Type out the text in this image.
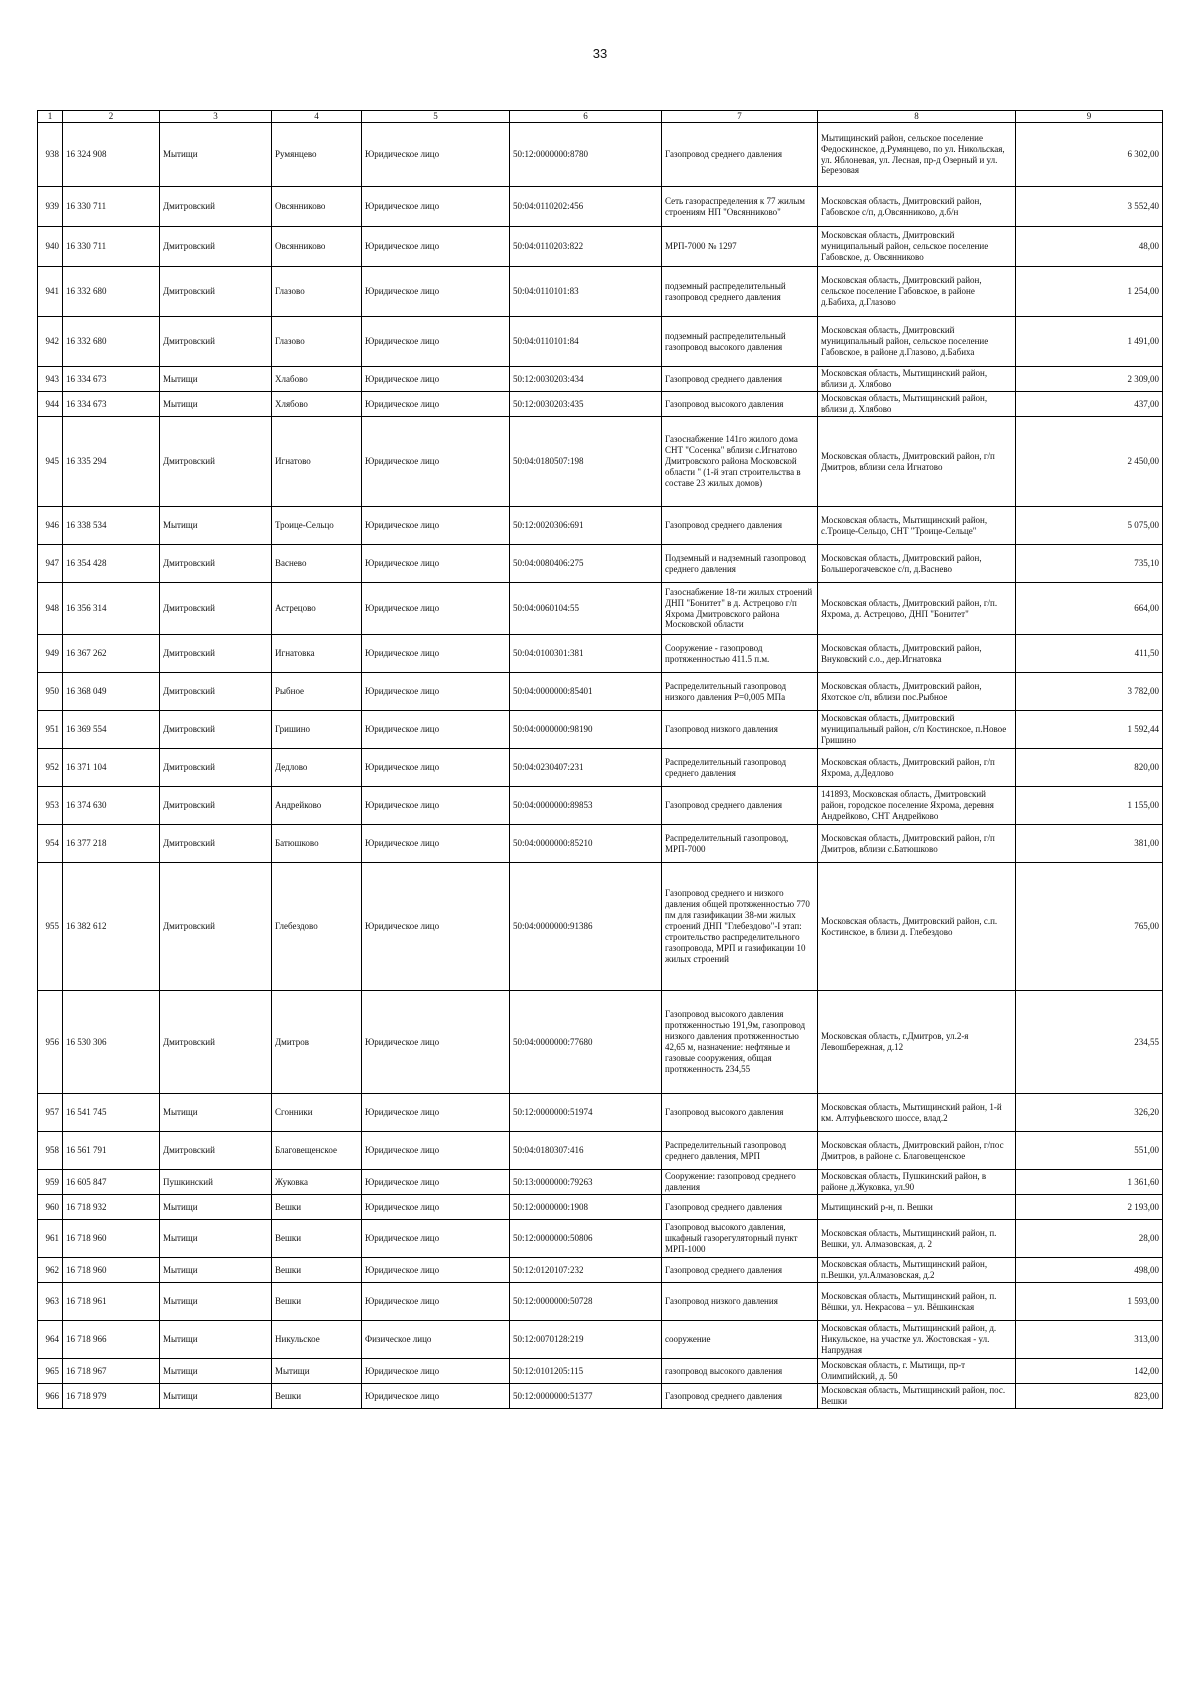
33
1	2	3	4	5	6	7	8	9
938	16 324 908	Мытищи	Румянцево	Юридическое лицо	50:12:0000000:8780	Газопровод среднего давления	Мытищинский район, сельское поселение Федоскинское, д.Румянцево, по ул. Никольская, ул. Яблоневая, ул. Лесная, пр-д Озерный и ул. Березовая	6 302,00
939	16 330 711	Дмитровский	Овсянниково	Юридическое лицо	50:04:0110202:456	Сеть газораспределения к 77 жилым строениям НП "Овсянниково"	Московская область, Дмитровский район, Габовское с/п, д.Овсянниково, д.б/н	3 552,40
940	16 330 711	Дмитровский	Овсянниково	Юридическое лицо	50:04:0110203:822	МРП-7000 № 1297	Московская область, Дмитровский муниципальный район, сельское поселение Габовское, д. Овсянниково	48,00
941	16 332 680	Дмитровский	Глазово	Юридическое лицо	50:04:0110101:83	подземный распределительный газопровод среднего давления	Московская область, Дмитровский район, сельское поселение Габовское, в районе д.Бабиха, д.Глазово	1 254,00
942	16 332 680	Дмитровский	Глазово	Юридическое лицо	50:04:0110101:84	подземный распределительный газопровод высокого давления	Московская область, Дмитровский муниципальный район, сельское поселение Габовское, в районе д.Глазово, д.Бабиха	1 491,00
943	16 334 673	Мытищи	Хлабово	Юридическое лицо	50:12:0030203:434	Газопровод среднего давления	Московская область, Мытищинский район, вблизи д. Хлябово	2 309,00
944	16 334 673	Мытищи	Хлябово	Юридическое лицо	50:12:0030203:435	Газопровод высокого давления	Московская область, Мытищинский район, вблизи д. Хлябово	437,00
945	16 335 294	Дмитровский	Игнатово	Юридическое лицо	50:04:0180507:198	Газоснабжение 141го жилого дома СНТ "Сосенка" вблизи с.Игнатово Дмитровского района Московской области " (1-й этап строительства в составе 23 жилых домов)	Московская область, Дмитровский район, г/п Дмитров, вблизи села Игнатово	2 450,00
946	16 338 534	Мытищи	Троице-Сельцо	Юридическое лицо	50:12:0020306:691	Газопровод среднего давления	Московская область, Мытищинский район, с.Троице-Сельцо, СНТ "Троице-Сельце"	5 075,00
947	16 354 428	Дмитровский	Васнево	Юридическое лицо	50:04:0080406:275	Подземный и надземный газопровод среднего давления	Московская область, Дмитровский район, Большерогачевское с/п, д.Васнево	735,10
948	16 356 314	Дмитровский	Астрецово	Юридическое лицо	50:04:0060104:55	Газоснабжение 18-ти жилых строений ДНП "Бонитет" в д. Астрецово г/п Яхрома Дмитровского района Московской области	Московская область, Дмитровский район, г/п. Яхрома, д. Астрецово, ДНП "Бонитет"	664,00
949	16 367 262	Дмитровский	Игнатовка	Юридическое лицо	50:04:0100301:381	Сооружение - газопровод протяженностью 411.5 п.м.	Московская область, Дмитровский район, Внуковский с.о., дер.Игнатовка	411,50
950	16 368 049	Дмитровский	Рыбное	Юридическое лицо	50:04:0000000:85401	Распределительный газопровод низкого давления Р=0,005 МПа	Московская область, Дмитровский район, Яхотское с/п, вблизи пос.Рыбное	3 782,00
951	16 369 554	Дмитровский	Гришино	Юридическое лицо	50:04:0000000:98190	Газопровод низкого давления	Московская область, Дмитровский муниципальный район, с/п Костинское, п.Новое Гришино	1 592,44
952	16 371 104	Дмитровский	Дедлово	Юридическое лицо	50:04:0230407:231	Распределительный газопровод среднего давления	Московская область, Дмитровский район, г/п Яхрома, д.Дедлово	820,00
953	16 374 630	Дмитровский	Андрейково	Юридическое лицо	50:04:0000000:89853	Газопровод среднего давления	141893, Московская область, Дмитровский район, городское поселение Яхрома, деревня Андрейково, СНТ Андрейково	1 155,00
954	16 377 218	Дмитровский	Батюшково	Юридическое лицо	50:04:0000000:85210	Распределительный газопровод, МРП-7000	Московская область, Дмитровский район, г/п Дмитров, вблизи с.Батюшково	381,00
955	16 382 612	Дмитровский	Глебездово	Юридическое лицо	50:04:0000000:91386	Газопровод среднего и низкого давления общей протяженностью 770 пм для газификации 38-ми жилых строений ДНП "Глебездово"-I этап: строительство распределительного газопровода, МРП и газификации 10 жилых строений	Московская область, Дмитровский район, с.п. Костинское, в близи д. Глебездово	765,00
956	16 530 306	Дмитровский	Дмитров	Юридическое лицо	50:04:0000000:77680	Газопровод высокого давления протяженностью 191,9м, газопровод низкого давления протяженностью 42,65 м, назначение: нефтяные и газовые сооружения, общая протяженность 234,55	Московская область, г.Дмитров, ул.2-я Левошбережная, д.12	234,55
957	16 541 745	Мытищи	Сгонники	Юридическое лицо	50:12:0000000:51974	Газопровод высокого давления	Московская область, Мытищинский район, 1-й км. Алтуфьевского шоссе, влад.2	326,20
958	16 561 791	Дмитровский	Благовещенское	Юридическое лицо	50:04:0180307:416	Распределительный газопровод среднего давления, МРП	Московская область, Дмитровский район, г/пос Дмитров, в районе с. Благовещенское	551,00
959	16 605 847	Пушкинский	Жуковка	Юридическое лицо	50:13:0000000:79263	Сооружение: газопровод среднего давления	Московская область, Пушкинский район, в районе д.Жуковка, ул.90	1 361,60
960	16 718 932	Мытищи	Вешки	Юридическое лицо	50:12:0000000:1908	Газопровод среднего давления	Мытищинский р-н, п. Вешки	2 193,00
961	16 718 960	Мытищи	Вешки	Юридическое лицо	50:12:0000000:50806	Газопровод высокого давления, шкафный газорегуляторный пункт МРП-1000	Московская область, Мытищинский район, п. Вешки, ул. Алмазовская, д. 2	28,00
962	16 718 960	Мытищи	Вешки	Юридическое лицо	50:12:0120107:232	Газопровод среднего давления	Московская область, Мытищинский район, п.Вешки, ул.Алмазовская, д.2	498,00
963	16 718 961	Мытищи	Вешки	Юридическое лицо	50:12:0000000:50728	Газопровод низкого давления	Московская область, Мытищинский район, п. Вёшки, ул. Некрасова – ул. Вёшкинская	1 593,00
964	16 718 966	Мытищи	Никульское	Физическое лицо	50:12:0070128:219	сооружение	Московская область, Мытищинский район, д. Никульское, на участке ул. Жостовская - ул. Напрудная	313,00
965	16 718 967	Мытищи	Мытищи	Юридическое лицо	50:12:0101205:115	газопровод высокого давления	Московская область, г. Мытищи, пр-т Олимпийский, д. 50	142,00
966	16 718 979	Мытищи	Вешки	Юридическое лицо	50:12:0000000:51377	Газопровод среднего давления	Московская область, Мытищинский район, пос. Вешки	823,00
